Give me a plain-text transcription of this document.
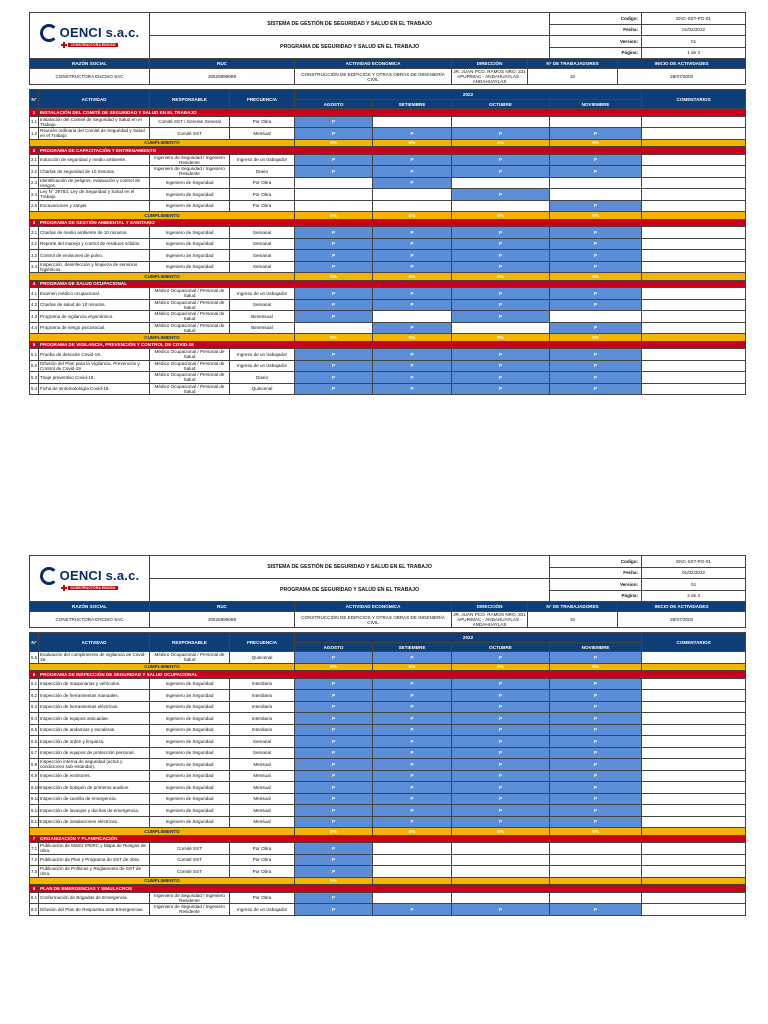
OENCI s.a.c.
CONSTRUCTORA ENCISO		SISTEMA DE GESTIÓN DE SEGURIDAD Y SALUD EN EL TRABAJO						Codigo:		ENC-SST-PG-01
								Fecha:		01/02/2022
		PROGRAMA DE SEGURIDAD Y SALUD EN EL TRABAJO						Version:		01
								Página:		1 de 3
RAZÓN SOCIAL		RUC		ACTIVIDAD ECONOMICA		DIRECCIÓN	N° DE TRABAJADORES		INICIO DE ACTIVIDADES	
CONSTRUCTORA ENCISO SAC		20526999089		CONSTRUCCIÓN DE EDIFICIOS Y OTRAS OBRAS DE INGENIERÍA CIVIL		JR. JUAN PCO. RAMOS NRO. 331 APURIMAC - ANDAHUAYLAS - ANDAHUAYLAS	10		28/07/2003	

N°	ACTIVIDAD	RESPONSABLE	FRECUENCIA	2022						COMENTARIOS
				AGOSTO	SETIEMBRE	OCTUBRE		NOVIEMBRE		
1	INSTALACIÓN DEL COMITÉ DE SEGURIDAD Y SALUD EN EL TRABAJO									
1.1	Instalación del Comité de Seguridad y Salud en el Trabajo.	Comité SST / Gerente General	Por Obra	P						
1.2	Reunión ordinaria del Comité de Seguridad y Salud en el Trabajo.	Comité SST	Mensual	P	P	P		P		
CUMPLIMIENTO				0%	0%	0%		0%		
2	PROGRAMA DE CAPACITACIÓN Y ENTRENAMIENTO									
2.1	Inducción de seguridad y medio ambiente.	Ingeniero de Seguridad / Ingeniero Residente	Ingreso de un trabajador	P	P	P		P		
2.2	Charlas de seguridad de 10 minutos.	Ingeniero de Seguridad / Ingeniero Residente	Diario	P	P	P		P		
2.3	Identificación de peligros, evaluación y control de riesgos.	Ingeniero de Seguridad	Por Obra		P					
2.4	Ley N° 29783, Ley de Seguridad y Salud en el Trabajo.	Ingeniero de Seguridad	Por Obra			P				
2.5	Excavaciones y zanjas	Ingeniero de Seguridad	Por Obra					P		
CUMPLIMIENTO				0%	0%	0%		0%		
3	PROGRAMA DE GESTIÓN AMBIENTAL Y SANITARIO									
3.1	Charlas de medio ambiente de 10 minutos.	Ingeniero de Seguridad	Semanal	P	P	P		P		
3.2	Reporte del manejo y control de residuos sólidos.	Ingeniero de Seguridad	Semanal	P	P	P		P		
3.3	Control de emisiones de polvo.	Ingeniero de Seguridad	Semanal	P	P	P		P		
3.4	Inspección, desinfección y limpieza de servicios higiénicos.	Ingeniero de Seguridad	Semanal	P	P	P		P		
CUMPLIMIENTO				0%	0%	0%		0%		
4	PROGRAMA DE SALUD OCUPACIONAL									
4.1	Examen médico ocupacional.	Médico Ocupacional / Personal de Salud	Ingreso de un trabajador	P	P	P		P		
4.2	Charlas de salud de 10 minutos.	Médico Ocupacional / Personal de Salud	Semanal	P	P	P		P		
4.3	Programa de vigilancia ergonómica.	Médico Ocupacional / Personal de Salud	Bimensual	P		P				
4.4	Programa de riesgo psicosocial.	Médico Ocupacional / Personal de Salud	Bimensual		P			P		
CUMPLIMIENTO				0%	0%	0%		0%		
5	PROGRAMA DE VIGILANCIA, PREVENCIÓN Y CONTROL DE COVID-19									
5.1	Prueba de descarte Covid-19.	Médico Ocupacional / Personal de Salud	Ingreso de un trabajador	P	P	P		P		
5.2	Difusión del Plan para la Vigilancia, Prevención y Control de Covid-19	Médico Ocupacional / Personal de Salud	Ingreso de un trabajador	P	P	P		P		
5.3	Triaje preventivo Covid-19.	Médico Ocupacional / Personal de Salud	Diario	P	P	P		P		
5.4	Ficha de sintomatología Covid-19.	Médico Ocupacional / Personal de Salud	Quincenal	P	P	P		P		
OENCI s.a.c.
CONSTRUCTORA ENCISO		SISTEMA DE GESTIÓN DE SEGURIDAD Y SALUD EN EL TRABAJO						Codigo:		ENC-SST-PG-01
								Fecha:		01/02/2022
		PROGRAMA DE SEGURIDAD Y SALUD EN EL TRABAJO						Version:		01
								Página:		2 de 3
RAZÓN SOCIAL		RUC		ACTIVIDAD ECONOMICA		DIRECCIÓN	N° DE TRABAJADORES		INICIO DE ACTIVIDADES	
CONSTRUCTORA ENCISO SAC		20526999089		CONSTRUCCIÓN DE EDIFICIOS Y OTRAS OBRAS DE INGENIERÍA CIVIL		JR. JUAN PCO. RAMOS NRO. 331 APURIMAC - ANDAHUAYLAS - ANDAHUAYLAS	10		28/07/2003	

N°	ACTIVIDAD	RESPONSABLE	FRECUENCIA	2022						COMENTARIOS
				AGOSTO	SETIEMBRE	OCTUBRE		NOVIEMBRE		
5.5	Evaluación del cumplimiento de vigilancia de Covid-19.	Médico Ocupacional / Personal de Salud	Quincenal	P	P	P		P		
CUMPLIMIENTO				0%	0%	0%		0%		
6	PROGRAMA DE INSPECCIÓN DE SEGURIDAD Y SALUD OCUPACIONAL									
6.1	Inspección de maquinarias y vehículos.	Ingeniero de Seguridad	Interdiario	P	P	P		P		
6.2	Inspección de herramientas manuales.	Ingeniero de Seguridad	Interdiario	P	P	P		P		
6.3	Inspección de herramientas eléctricas.	Ingeniero de Seguridad	Interdiario	P	P	P		P		
6.4	Inspección de equipos anticaidas.	Ingeniero de Seguridad	Interdiario	P	P	P		P		
6.5	Inspección de andamios y escaleras.	Ingeniero de Seguridad	Interdiario	P	P	P		P		
6.6	Inspección de orden y limpieza.	Ingeniero de Seguridad	Semanal	P	P	P		P		
6.7	Inspección de equipos de protección personal.	Ingeniero de Seguridad	Semanal	P	P	P		P		
6.8	Inspección interna de seguridad (actos y condiciones sub-estándar).	Ingeniero de Seguridad	Mensual	P	P	P		P		
6.9	Inspección de extintores.	Ingeniero de Seguridad	Mensual	P	P	P		P		
6.10	Inspección de botiquín de primeros auxilios.	Ingeniero de Seguridad	Mensual	P	P	P		P		
6.11	Inspección de camilla de emergencia.	Ingeniero de Seguridad	Mensual	P	P	P		P		
6.12	Inspección de lavaojos y duchas de emergencia.	Ingeniero de Seguridad	Mensual	P	P	P		P		
6.13	Inspección de instalaciones eléctricas.	Ingeniero de Seguridad	Mensual	P	P	P		P		
CUMPLIMIENTO				0%	0%	0%		0%		
7	ORGANIZACIÓN Y PLANIFICACIÓN									
7.1	Publicación de Matriz IPERC y Mapa de Riesgos de obra.	Comité SST	Por Obra	P						
7.2	Publicación de Plan y Programa de SST de obra.	Comité SST	Por Obra	P						
7.3	Publicación de Políticas y Reglamento de SST de obra.	Comité SST	Por Obra	P						
CUMPLIMIENTO				0%						
8	PLAN DE EMERGENCIAS Y SIMULACROS									
8.1	Conformación de Brigadas de Emergencia.	Ingeniero de Seguridad / Ingeniero Residente	Por Obra	P						
8.2	Difusión del Plan de Respuesta ante Emergencias.	Ingeniero de Seguridad / Ingeniero Residente	Ingreso de un trabajador	P	P	P		P		
